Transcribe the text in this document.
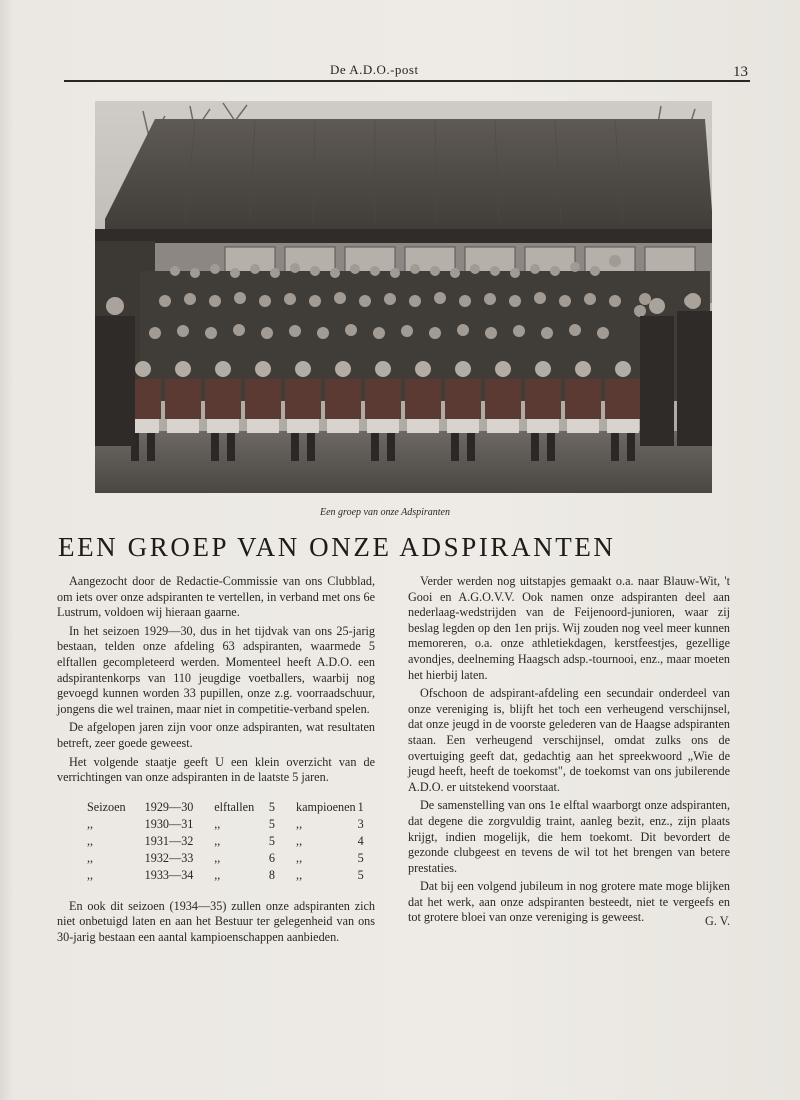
De A.D.O.-post	13
Een groep van onze Adspiranten
EEN GROEP VAN ONZE ADSPIRANTEN

Aangezocht door de Redactie-Commissie van ons Clubblad, om iets over onze adspiranten te vertellen, in verband met ons 6e Lustrum, voldoen wij hieraan gaarne.

In het seizoen 1929—30, dus in het tijdvak van ons 25-jarig bestaan, telden onze afdeling 63 adspiranten, waarmede 5 elftallen gecompleteerd werden. Momenteel heeft A.D.O. een adspirantenkorps van 110 jeugdige voetballers, waarbij nog gevoegd kunnen worden 33 pupillen, onze z.g. voorraadschuur, jongens die wel trainen, maar niet in competitie-verband spelen.

De afgelopen jaren zijn voor onze adspiranten, wat resultaten betreft, zeer goede geweest.

Het volgende staatje geeft U een klein overzicht van de verrichtingen van onze adspiranten in de laatste 5 jaren.

Seizoen	1929—30	elftallen	5	kampioenen	1
,,	1930—31	,,	5	,,	3
,,	1931—32	,,	5	,,	4
,,	1932—33	,,	6	,,	5
,,	1933—34	,,	8	,,	5

En ook dit seizoen (1934—35) zullen onze adspiranten zich niet onbetuigd laten en aan het Bestuur ter gelegenheid van ons 30-jarig bestaan een aantal kampioenschappen aanbieden.

Verder werden nog uitstapjes gemaakt o.a. naar Blauw-Wit, 't Gooi en A.G.O.V.V. Ook namen onze adspiranten deel aan nederlaag-wedstrijden van de Feijenoord-junioren, waar zij beslag legden op den 1en prijs. Wij zouden nog veel meer kunnen memoreren, o.a. onze athletiekdagen, kerstfeestjes, gezellige avondjes, deelneming Haagsch adsp.-tournooi, enz., maar moeten het hierbij laten.

Ofschoon de adspirant-afdeling een secundair onderdeel van onze vereniging is, blijft het toch een verheugend verschijnsel, dat onze jeugd in de voorste gelederen van de Haagse adspiranten staan. Een verheugend verschijnsel, omdat zulks ons de overtuiging geeft dat, gedachtig aan het spreekwoord „Wie de jeugd heeft, heeft de toekomst", de toekomst van ons jubilerende A.D.O. er uitstekend voorstaat.

De samenstelling van ons 1e elftal waarborgt onze adspiranten, dat degene die zorgvuldig traint, aanleg bezit, enz., zijn plaats krijgt, indien mogelijk, die hem toekomt. Dit bevordert de gezonde clubgeest en tevens de wil tot het brengen van betere prestaties.

Dat bij een volgend jubileum in nog grotere mate moge blijken dat het werk, aan onze adspiranten besteedt, niet te vergeefs en tot grotere bloei van onze vereniging is geweest.	G. V.
